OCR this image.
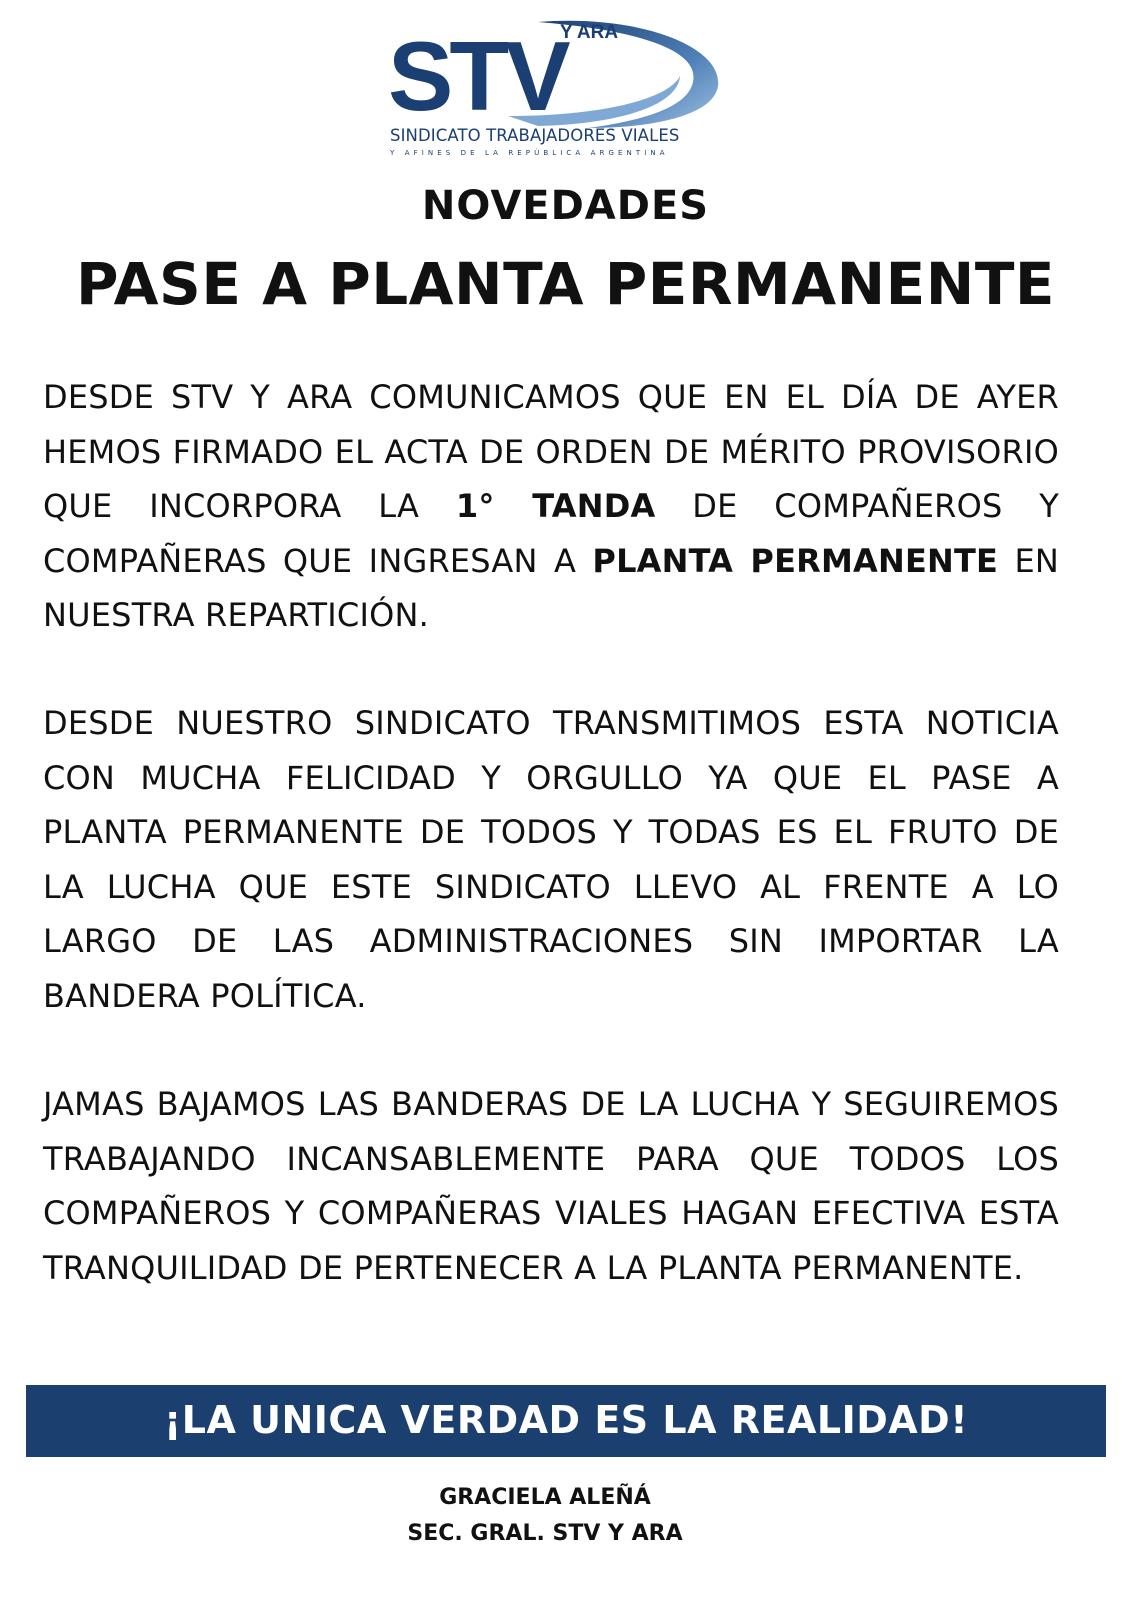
STV
Y ARA
SINDICATO TRABAJADORES VIALES
Y AFINES DE LA REPÚBLICA ARGENTINA
NOVEDADES
PASE A PLANTA PERMANENTE

DESDE STV Y ARA COMUNICAMOS QUE EN EL DÍA DE AYER HEMOS FIRMADO EL ACTA DE ORDEN DE MÉRITO PROVISORIO QUE INCORPORA LA 1° TANDA DE COMPAÑEROS Y COMPAÑERAS QUE INGRESAN A PLANTA PERMANENTE EN NUESTRA REPARTICIÓN.

DESDE NUESTRO SINDICATO TRANSMITIMOS ESTA NOTICIA CON MUCHA FELICIDAD Y ORGULLO YA QUE EL PASE A PLANTA PERMANENTE DE TODOS Y TODAS ES EL FRUTO DE LA LUCHA QUE ESTE SINDICATO LLEVO AL FRENTE A LO LARGO DE LAS ADMINISTRACIONES SIN IMPORTAR LA BANDERA POLÍTICA.

JAMAS BAJAMOS LAS BANDERAS DE LA LUCHA Y SEGUIREMOS TRABAJANDO INCANSABLEMENTE PARA QUE TODOS LOS COMPAÑEROS Y COMPAÑERAS VIALES HAGAN EFECTIVA ESTA TRANQUILIDAD DE PERTENECER A LA PLANTA PERMANENTE.

¡LA UNICA VERDAD ES LA REALIDAD!
GRACIELA ALEÑÁ
SEC. GRAL. STV Y ARA
